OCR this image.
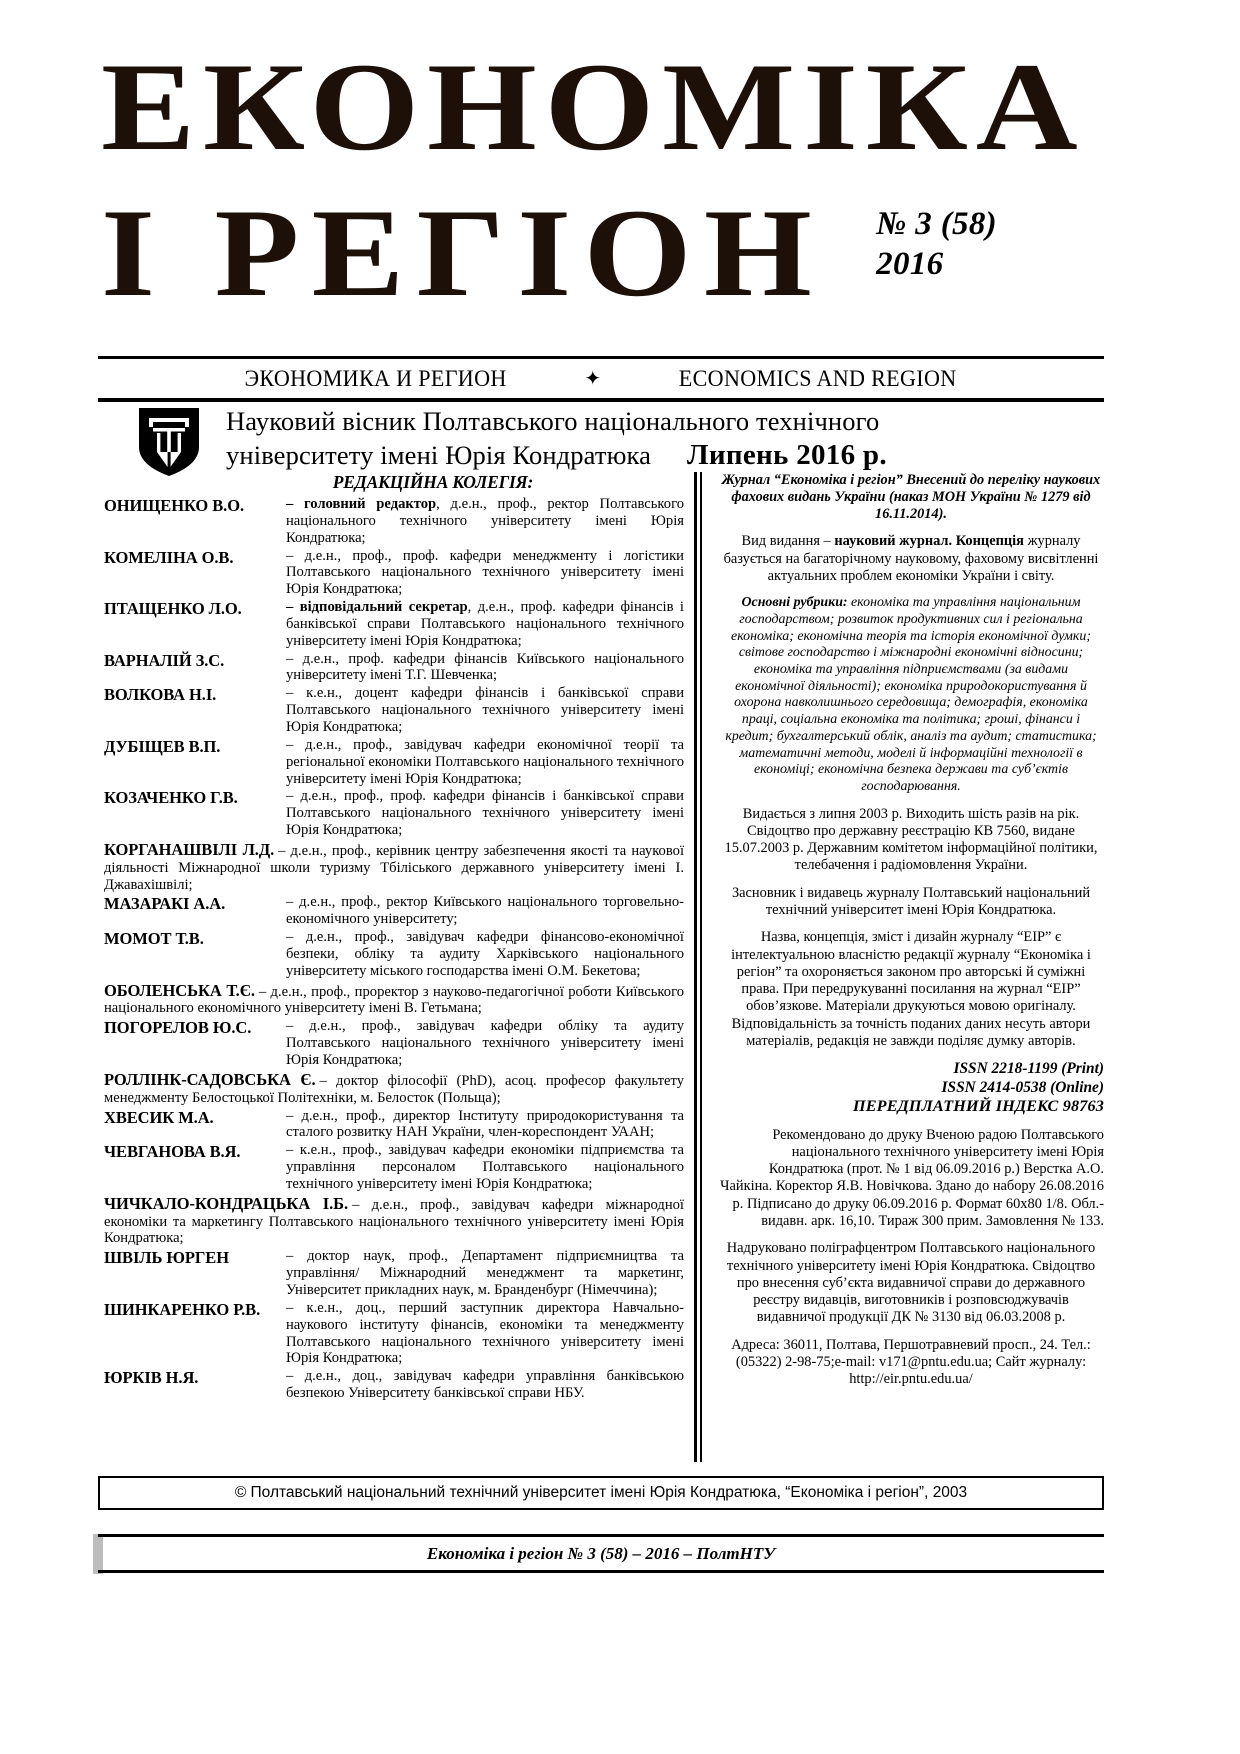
ЕКОНОМІКА
І РЕГІОН № 3 (58)
2016
ЭКОНОМИКА И РЕГИОН	✦	ECONOMICS AND REGION
Науковий вісник Полтавського національного технічного
університету імені Юрія Кондратюка Липень 2016 р.
РЕДАКЦІЙНА КОЛЕГІЯ:
ОНИЩЕНКО В.О.	– головний редактор, д.е.н., проф., ректор Полтавського національного технічного університету імені Юрія Кондратюка;
КОМЕЛІНА О.В.	– д.е.н., проф., проф. кафедри менеджменту і логістики Полтавського національного технічного університету імені Юрія Кондратюка;
ПТАЩЕНКО Л.О.	– відповідальний секретар, д.е.н., проф. кафедри фінансів і банківської справи Полтавського національного технічного університету імені Юрія Кондратюка;
ВАРНАЛІЙ З.С.	– д.е.н., проф. кафедри фінансів Київського національного університету імені Т.Г. Шевченка;
ВОЛКОВА Н.І.	– к.е.н., доцент кафедри фінансів і банківської справи Полтавського національного технічного університету імені Юрія Кондратюка;
ДУБІЩЕВ В.П.	– д.е.н., проф., завідувач кафедри економічної теорії та регіональної економіки Полтавського національного технічного університету імені Юрія Кондратюка;
КОЗАЧЕНКО Г.В.	– д.е.н., проф., проф. кафедри фінансів і банківської справи Полтавського національного технічного університету імені Юрія Кондратюка;
КОРГАНАШВІЛІ Л.Д. – д.е.н., проф., керівник центру забезпечення якості та наукової діяльності Міжнародної школи туризму Тбіліського державного університету імені І. Джавахішвілі;
МАЗАРАКІ А.А.	– д.е.н., проф., ректор Київського національного торговельно-економічного університету;
МОМОТ Т.В.	– д.е.н., проф., завідувач кафедри фінансово-економічної безпеки, обліку та аудиту Харківського національного університету міського господарства імені О.М. Бекетова;
ОБОЛЕНСЬКА Т.Є. – д.е.н., проф., проректор з науково-педагогічної роботи Київського національного економічного університету імені В. Гетьмана;
ПОГОРЕЛОВ Ю.С.	– д.е.н., проф., завідувач кафедри обліку та аудиту Полтавського національного технічного університету імені Юрія Кондратюка;
РОЛЛІНК-САДОВСЬКА Є. – доктор філософії (PhD), асоц. професор факультету менеджменту Белостоцької Політехніки, м. Белосток (Польща);
ХВЕСИК М.А.	– д.е.н., проф., директор Інституту природокористування та сталого розвитку НАН України, член-кореспондент УААН;
ЧЕВГАНОВА В.Я.	– к.е.н., проф., завідувач кафедри економіки підприємства та управління персоналом Полтавського національного технічного університету імені Юрія Кондратюка;
ЧИЧКАЛО-КОНДРАЦЬКА І.Б. – д.е.н., проф., завідувач кафедри міжнародної економіки та маркетингу Полтавського національного технічного університету імені Юрія Кондратюка;
ШВІЛЬ ЮРГЕН	– доктор наук, проф., Департамент підприємництва та управління/ Міжнародний менеджмент та маркетинг, Університет прикладних наук, м. Бранденбург (Німеччина);
ШИНКАРЕНКО Р.В.	– к.е.н., доц., перший заступник директора Навчально-наукового інституту фінансів, економіки та менеджменту Полтавського національного технічного університету імені Юрія Кондратюка;
ЮРКІВ Н.Я.	– д.е.н., доц., завідувач кафедри управління банківською безпекою Університету банківської справи НБУ.

Журнал “Економіка і регіон” Внесений до переліку наукових фахових видань України (наказ МОН України № 1279 від 16.11.2014).

Вид видання – науковий журнал. Концепція журналу базується на багаторічному науковому, фаховому висвітленні актуальних проблем економіки України і світу.

Основні рубрики: економіка та управління національним господарством; розвиток продуктивних сил і регіональна економіка; економічна теорія та історія економічної думки; світове господарство і міжнародні економічні відносини; економіка та управління підприємствами (за видами економічної діяльності); економіка природокористування й охорона навколишнього середовища; демографія, економіка праці, соціальна економіка та політика; гроші, фінанси і кредит; бухгалтерський облік, аналіз та аудит; статистика; математичні методи, моделі й інформаційні технології в економіці; економічна безпека держави та суб’єктів господарювання.

Видається з липня 2003 р. Виходить шість разів на рік. Свідоцтво про державну реєстрацію КВ 7560, видане 15.07.2003 р. Державним комітетом інформаційної політики, телебачення і радіомовлення України.

Засновник і видавець журналу Полтавський національний технічний університет імені Юрія Кондратюка.

Назва, концепція, зміст і дизайн журналу “ЕІР” є інтелектуальною власністю редакції журналу “Економіка і регіон” та охороняється законом про авторські й суміжні права. При передрукуванні посилання на журнал “ЕІР” обов’язкове. Матеріали друкуються мовою оригіналу. Відповідальність за точність поданих даних несуть автори матеріалів, редакція не завжди поділяє думку авторів.

ISSN 2218-1199 (Print)
ISSN 2414-0538 (Online)
ПЕРЕДПЛАТНИЙ ІНДЕКС 98763

Рекомендовано до друку Вченою радою Полтавського національного технічного університету імені Юрія Кондратюка (прот. № 1 від 06.09.2016 р.) Верстка А.О. Чайкіна. Коректор Я.В. Новічкова. Здано до набору 26.08.2016 р. Підписано до друку 06.09.2016 р. Формат 60х80 1/8. Обл.-видавн. арк. 16,10. Тираж 300 прим. Замовлення № 133.

Надруковано поліграфцентром Полтавського національного технічного університету імені Юрія Кондратюка. Свідоцтво про внесення суб’єкта видавничої справи до державного реєстру видавців, виготовників і розповсюджувачів видавничої продукції ДК № 3130 від 06.03.2008 р.

Адреса: 36011, Полтава, Першотравневий просп., 24. Тел.: (05322) 2-98-75;e-mail: v171@pntu.edu.ua; Сайт журналу: http://eir.pntu.edu.ua/

© Полтавський національний технічний університет імені Юрія Кондратюка, “Економіка і регіон”, 2003
Економіка і регіон № 3 (58) – 2016 – ПолтНТУ
